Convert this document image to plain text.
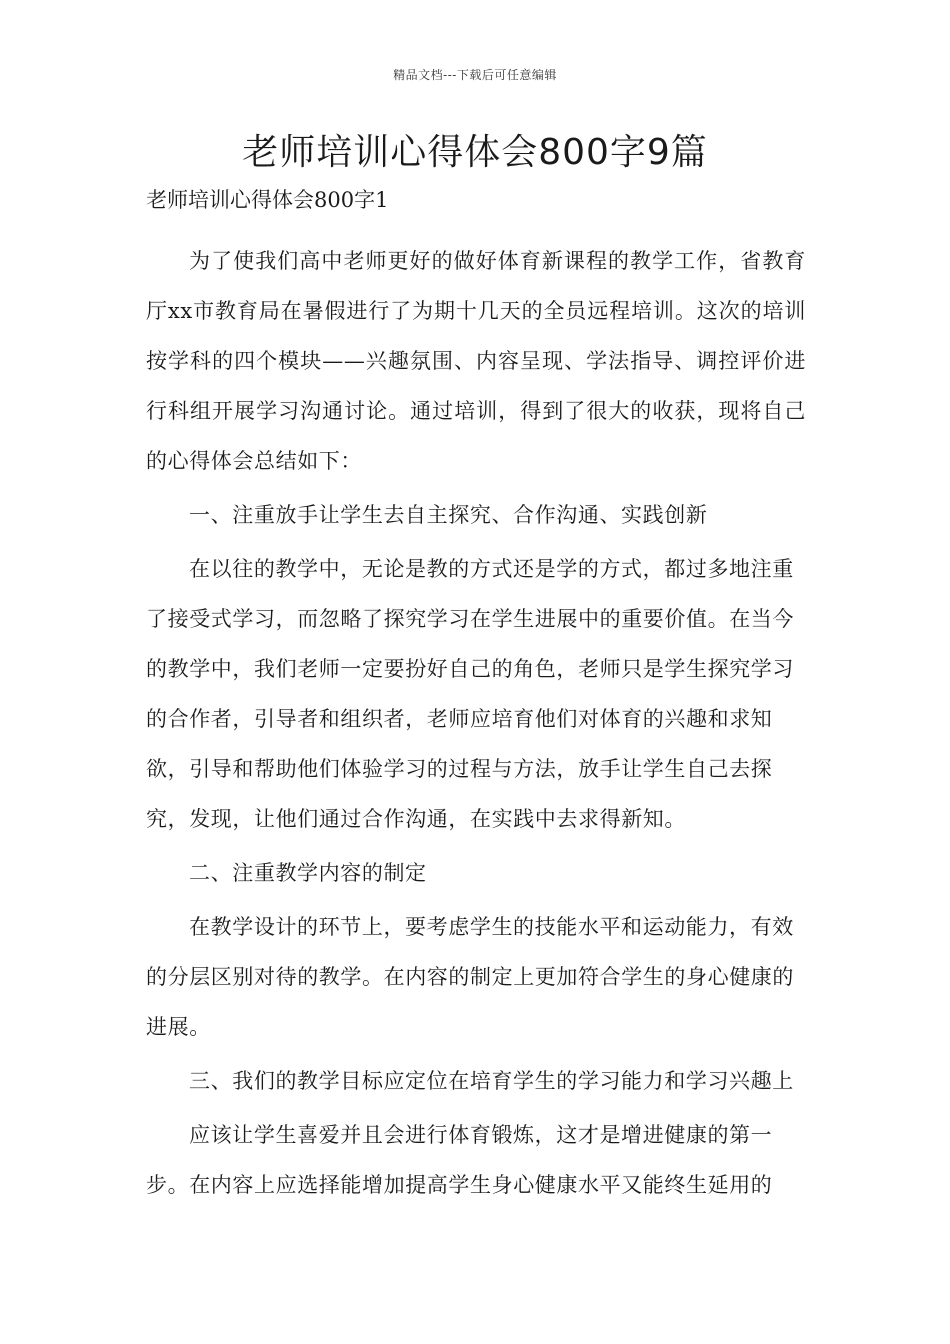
精品文档---下载后可任意编辑
老师培训心得体会800字9篇

老师培训心得体会800字1

为了使我们高中老师更好的做好体育新课程的教学工作，省教育厅xx市教育局在暑假进行了为期十几天的全员远程培训。这次的培训按学科的四个模块——兴趣氛围、内容呈现、学法指导、调控评价进行科组开展学习沟通讨论。通过培训，得到了很大的收获，现将自己的心得体会总结如下：

一、注重放手让学生去自主探究、合作沟通、实践创新

在以往的教学中，无论是教的方式还是学的方式，都过多地注重了接受式学习，而忽略了探究学习在学生进展中的重要价值。在当今的教学中，我们老师一定要扮好自己的角色，老师只是学生探究学习的合作者，引导者和组织者，老师应培育他们对体育的兴趣和求知欲，引导和帮助他们体验学习的过程与方法，放手让学生自己去探究，发现，让他们通过合作沟通，在实践中去求得新知。

二、注重教学内容的制定

在教学设计的环节上，要考虑学生的技能水平和运动能力，有效的分层区别对待的教学。在内容的制定上更加符合学生的身心健康的进展。

三、我们的教学目标应定位在培育学生的学习能力和学习兴趣上

应该让学生喜爱并且会进行体育锻炼，这才是增进健康的第一步。在内容上应选择能增加提高学生身心健康水平又能终生延用的
